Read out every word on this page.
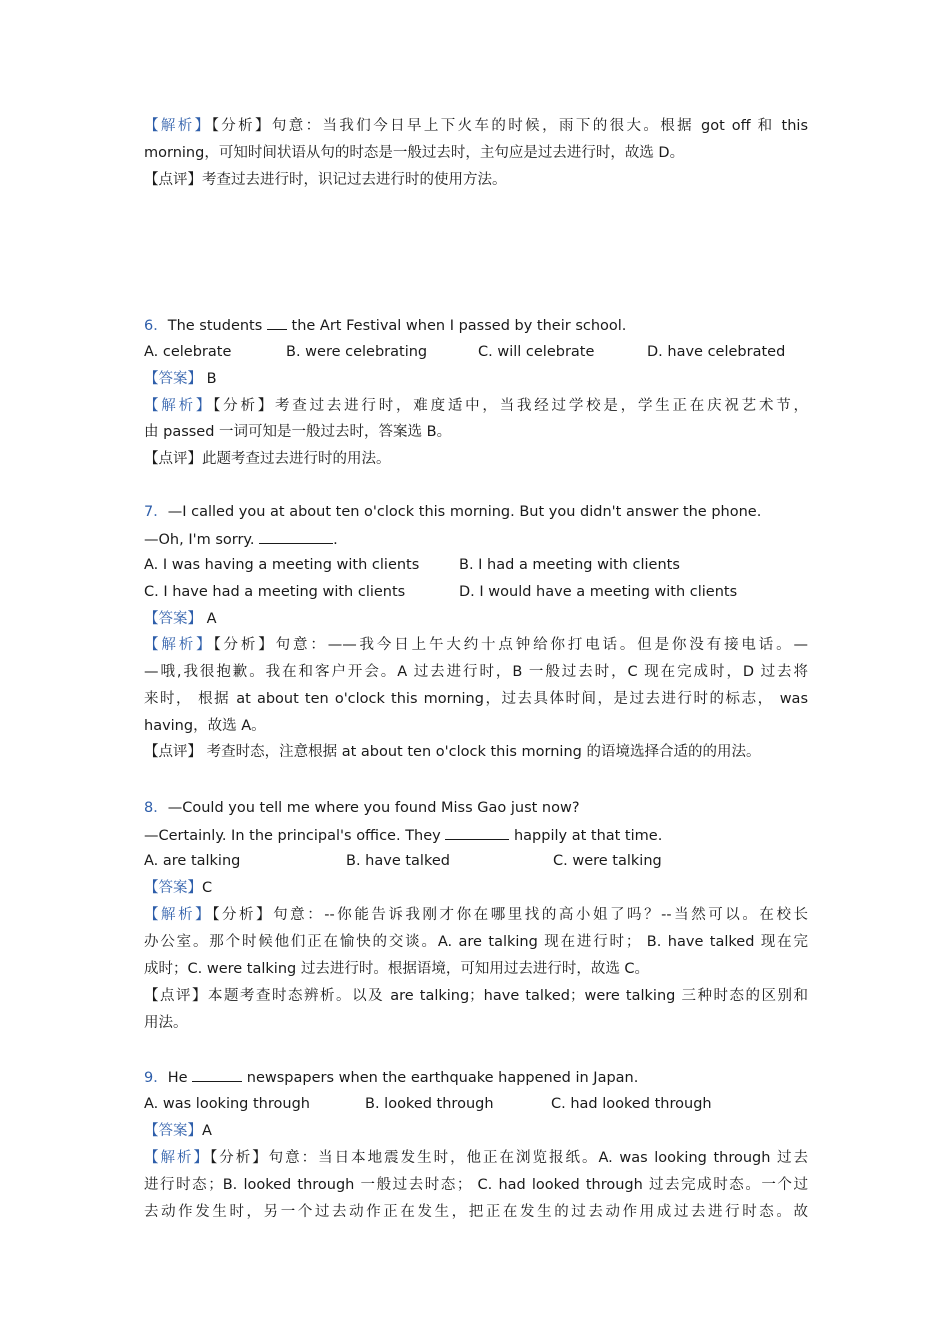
【解析】【分析】句意：当我们今日早上下火车的时候，雨下的很大。根据 got off 和 this
morning，可知时间状语从句的时态是一般过去时，主句应是过去进行时，故选 D。
【点评】考查过去进行时，识记过去进行时的使用方法。
6．The students  the Art Festival when I passed by their school.
A. celebrate	B. were celebrating	C. will celebrate	D. have celebrated
【答案】 B
【解析】【分析】考查过去进行时，难度适中，当我经过学校是，学生正在庆祝艺术节，
由 passed 一词可知是一般过去时，答案选 B。
【点评】此题考查过去进行时的用法。
7．—I called you at about ten o'clock this morning. But you didn't answer the phone.
—Oh, I'm sorry.	.
A. I was having a meeting with clients	B. I had a meeting with clients
C. I have had a meeting with clients	D. I would have a meeting with clients
【答案】 A
【解析】【分析】句意：——我今日上午大约十点钟给你打电话。但是你没有接电话。—
—哦,我很抱歉。我在和客户开会。A 过去进行时，B 一般过去时，C 现在完成时，D 过去将
来时， 根据 at about ten o'clock this morning，过去具体时间，是过去进行时的标志， was
having，故选 A。
【点评】 考查时态，注意根据 at about ten o'clock this morning 的语境选择合适的的用法。
8．—Could you tell me where you found Miss Gao just now?
—Certainly. In the principal's office. They	happily at that time.
A. are talking	B. have talked	C. were talking
【答案】C
【解析】【分析】句意：--你能告诉我刚才你在哪里找的高小姐了吗？--当然可以。在校长
办公室。那个时候他们正在愉快的交谈。A. are talking 现在进行时； B. have talked 现在完
成时；C. were talking 过去进行时。根据语境，可知用过去进行时，故选 C。
【点评】本题考查时态辨析。以及 are talking；have talked；were talking 三种时态的区别和
用法。
9．He	newspapers when the earthquake happened in Japan.
A. was looking through	B. looked through	C. had looked through
【答案】A
【解析】【分析】句意：当日本地震发生时，他正在浏览报纸。A. was looking through 过去
进行时态；B. looked through 一般过去时态； C. had looked through 过去完成时态。一个过
去动作发生时，另一个过去动作正在发生，把正在发生的过去动作用成过去进行时态。故
